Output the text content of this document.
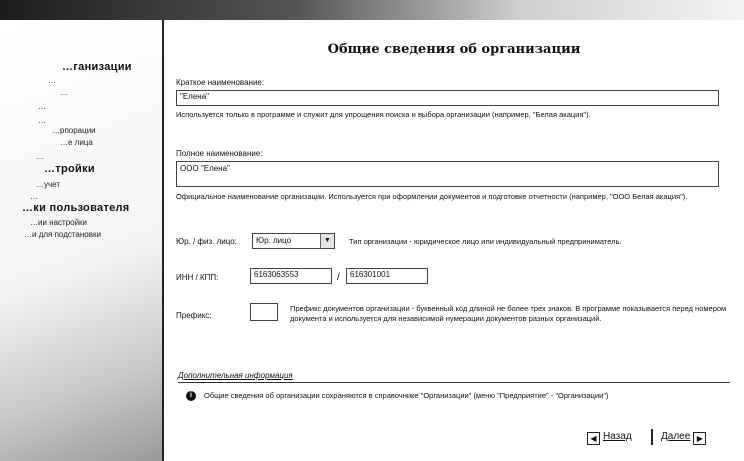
…ганизации
…
…
…
…
…рпорации
…е лица
…
…тройки
…учет
…
…ки пользователя
…ии настройки
…и для подстановки
Общие сведения об организации
Краткое наименование:
"Елена"
Используется только в программе и служит для упрощения поиска и выбора организации (например, "Белая акация").
Полное наименование:
ООО "Елена"
Официальное наименование организации. Используется при оформлении документов и подготовке отчетности (например, "ООО Белая акация").
Юр. / физ. лицо:	Юр. лицо	▼	Тип организации - юридическое лицо или индивидуальный предприниматель.
ИНН / КПП:	6163063553	/	616301001
Префикс:
Префикс документов организации - буквенный код длиной не более трех знаков. В программе показывается перед номером документа и используется для независимой нумерации документов разных организаций.
Дополнительная информация
i	Общие сведения об организации сохраняются в справочнике "Организации" (меню "Предприятие" - "Организации")
◀ Назад	Далее ▶
